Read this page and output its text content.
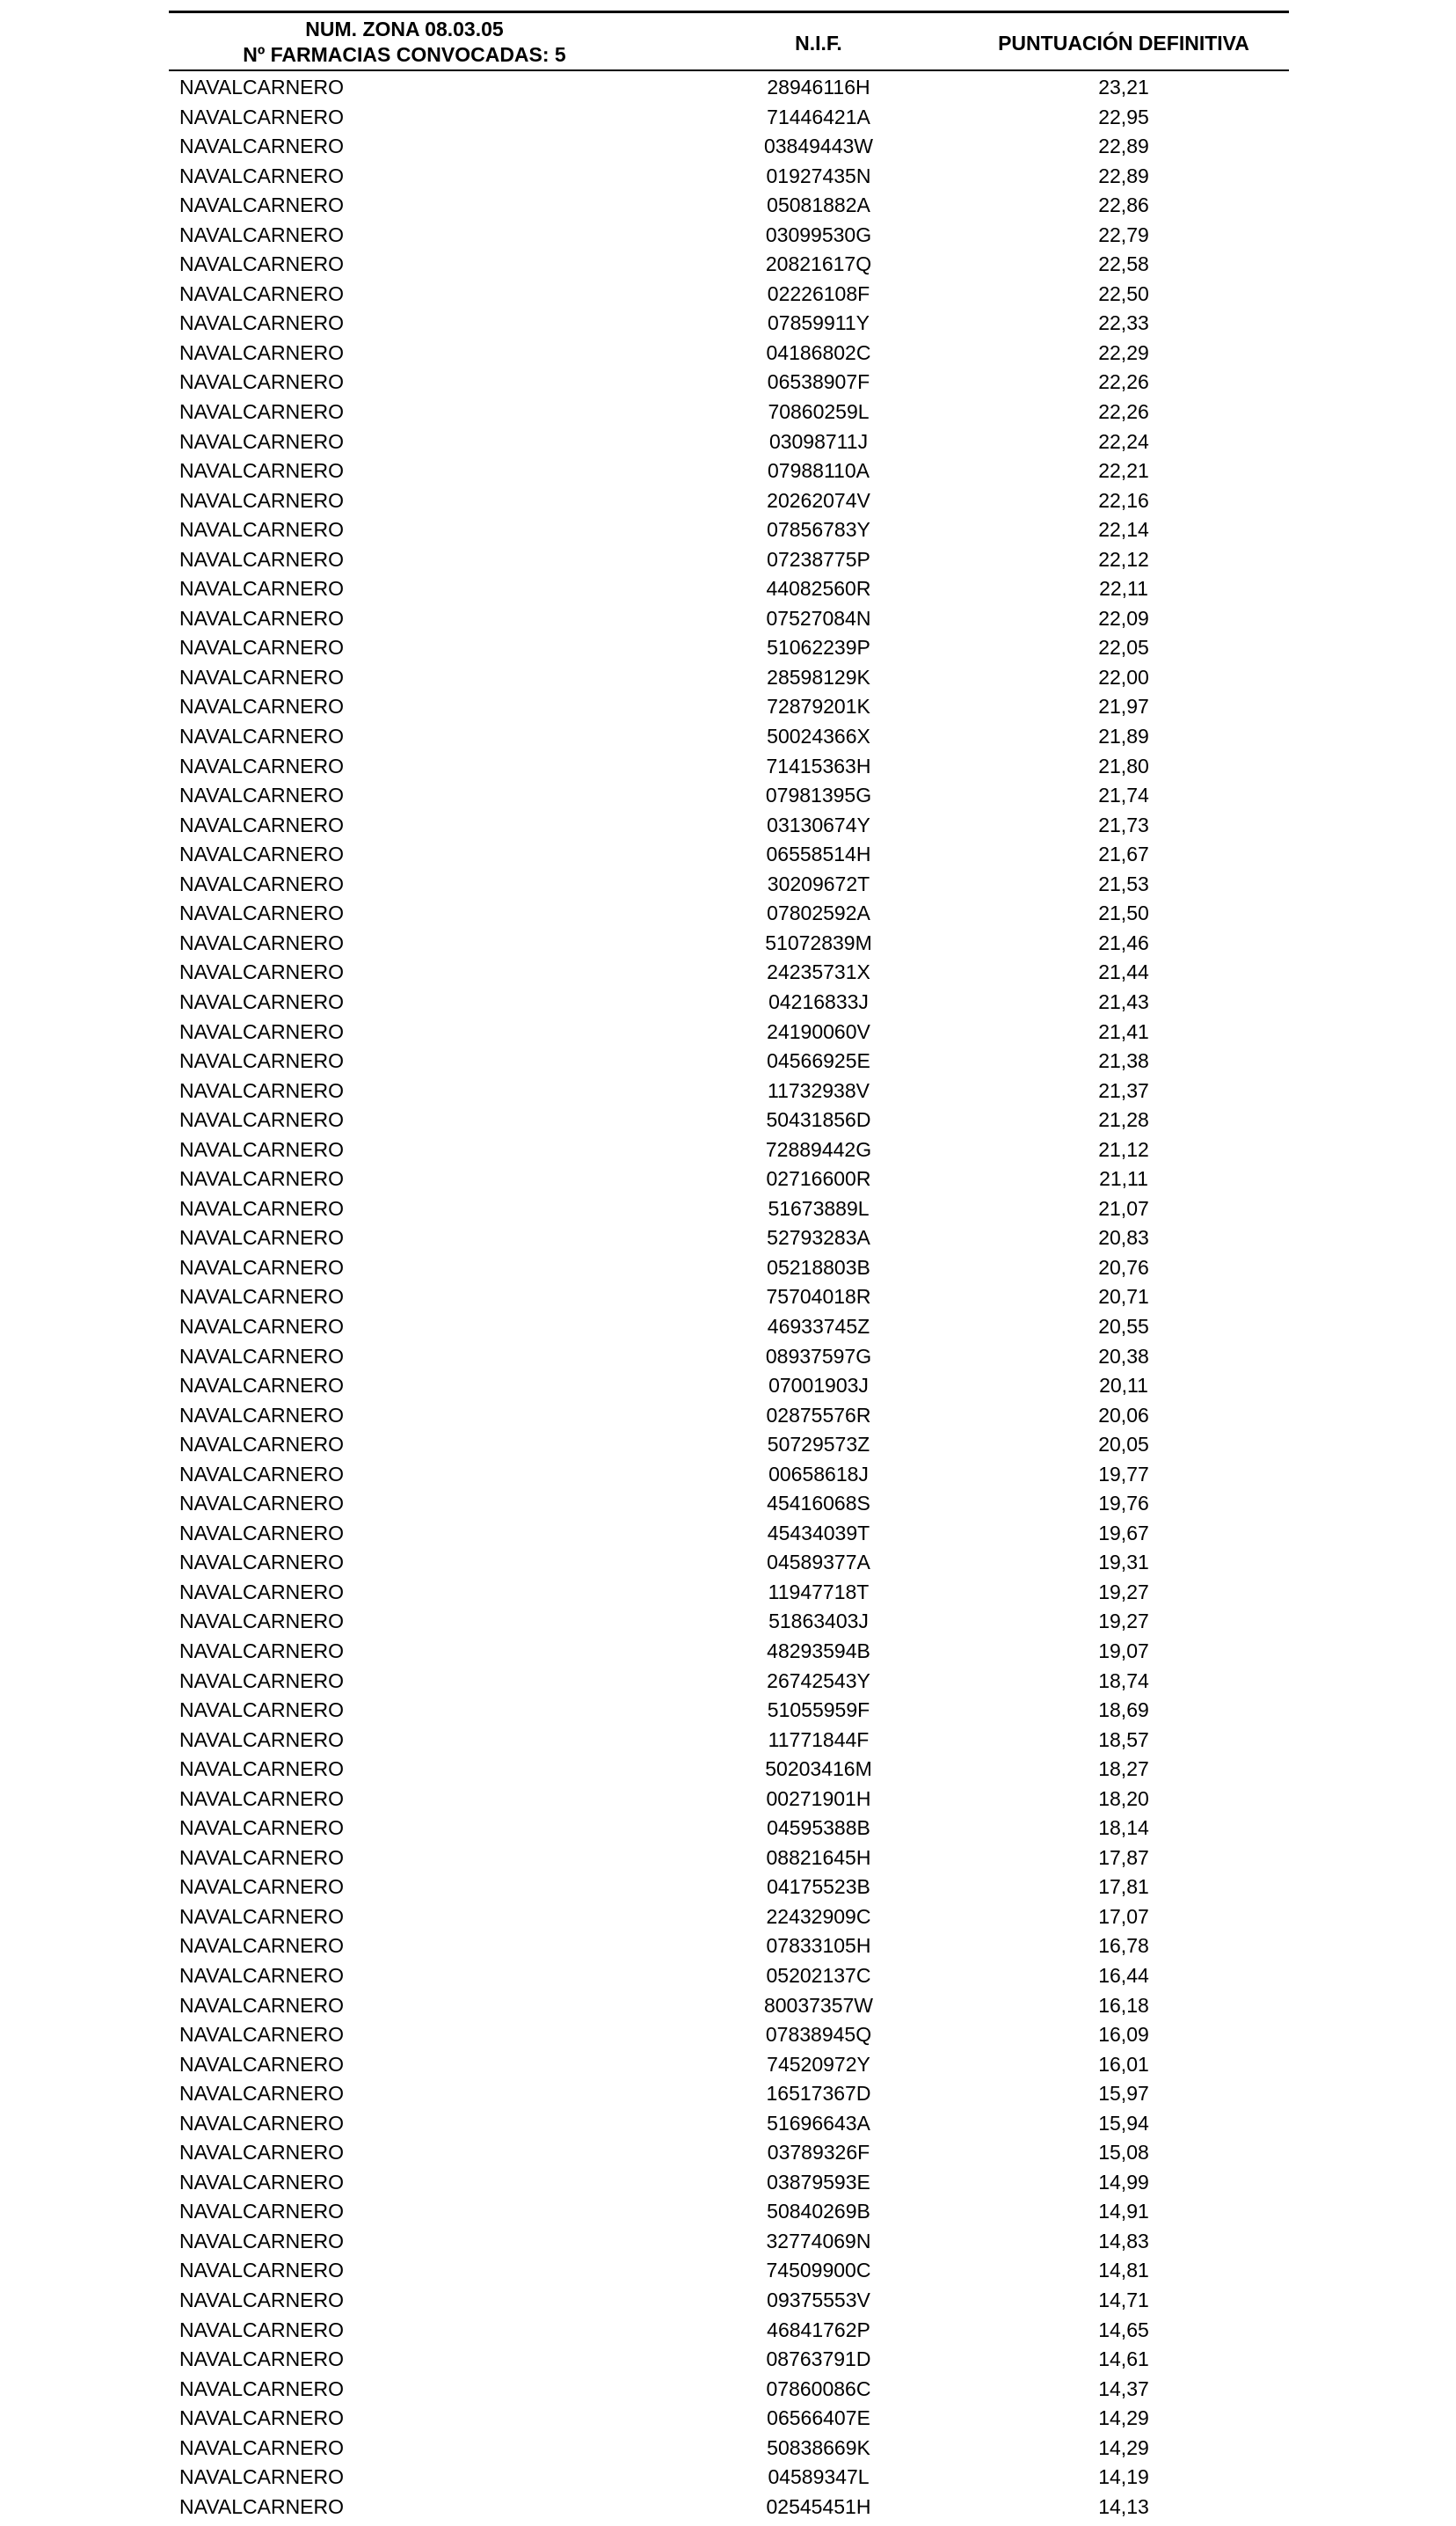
NUM. ZONA 08.03.05
Nº FARMACIAS CONVOCADAS: 5	N.I.F.	PUNTUACIÓN DEFINITIVA
NAVALCARNERO	28946116H	23,21
NAVALCARNERO	71446421A	22,95
NAVALCARNERO	03849443W	22,89
NAVALCARNERO	01927435N	22,89
NAVALCARNERO	05081882A	22,86
NAVALCARNERO	03099530G	22,79
NAVALCARNERO	20821617Q	22,58
NAVALCARNERO	02226108F	22,50
NAVALCARNERO	07859911Y	22,33
NAVALCARNERO	04186802C	22,29
NAVALCARNERO	06538907F	22,26
NAVALCARNERO	70860259L	22,26
NAVALCARNERO	03098711J	22,24
NAVALCARNERO	07988110A	22,21
NAVALCARNERO	20262074V	22,16
NAVALCARNERO	07856783Y	22,14
NAVALCARNERO	07238775P	22,12
NAVALCARNERO	44082560R	22,11
NAVALCARNERO	07527084N	22,09
NAVALCARNERO	51062239P	22,05
NAVALCARNERO	28598129K	22,00
NAVALCARNERO	72879201K	21,97
NAVALCARNERO	50024366X	21,89
NAVALCARNERO	71415363H	21,80
NAVALCARNERO	07981395G	21,74
NAVALCARNERO	03130674Y	21,73
NAVALCARNERO	06558514H	21,67
NAVALCARNERO	30209672T	21,53
NAVALCARNERO	07802592A	21,50
NAVALCARNERO	51072839M	21,46
NAVALCARNERO	24235731X	21,44
NAVALCARNERO	04216833J	21,43
NAVALCARNERO	24190060V	21,41
NAVALCARNERO	04566925E	21,38
NAVALCARNERO	11732938V	21,37
NAVALCARNERO	50431856D	21,28
NAVALCARNERO	72889442G	21,12
NAVALCARNERO	02716600R	21,11
NAVALCARNERO	51673889L	21,07
NAVALCARNERO	52793283A	20,83
NAVALCARNERO	05218803B	20,76
NAVALCARNERO	75704018R	20,71
NAVALCARNERO	46933745Z	20,55
NAVALCARNERO	08937597G	20,38
NAVALCARNERO	07001903J	20,11
NAVALCARNERO	02875576R	20,06
NAVALCARNERO	50729573Z	20,05
NAVALCARNERO	00658618J	19,77
NAVALCARNERO	45416068S	19,76
NAVALCARNERO	45434039T	19,67
NAVALCARNERO	04589377A	19,31
NAVALCARNERO	11947718T	19,27
NAVALCARNERO	51863403J	19,27
NAVALCARNERO	48293594B	19,07
NAVALCARNERO	26742543Y	18,74
NAVALCARNERO	51055959F	18,69
NAVALCARNERO	11771844F	18,57
NAVALCARNERO	50203416M	18,27
NAVALCARNERO	00271901H	18,20
NAVALCARNERO	04595388B	18,14
NAVALCARNERO	08821645H	17,87
NAVALCARNERO	04175523B	17,81
NAVALCARNERO	22432909C	17,07
NAVALCARNERO	07833105H	16,78
NAVALCARNERO	05202137C	16,44
NAVALCARNERO	80037357W	16,18
NAVALCARNERO	07838945Q	16,09
NAVALCARNERO	74520972Y	16,01
NAVALCARNERO	16517367D	15,97
NAVALCARNERO	51696643A	15,94
NAVALCARNERO	03789326F	15,08
NAVALCARNERO	03879593E	14,99
NAVALCARNERO	50840269B	14,91
NAVALCARNERO	32774069N	14,83
NAVALCARNERO	74509900C	14,81
NAVALCARNERO	09375553V	14,71
NAVALCARNERO	46841762P	14,65
NAVALCARNERO	08763791D	14,61
NAVALCARNERO	07860086C	14,37
NAVALCARNERO	06566407E	14,29
NAVALCARNERO	50838669K	14,29
NAVALCARNERO	04589347L	14,19
NAVALCARNERO	02545451H	14,13
